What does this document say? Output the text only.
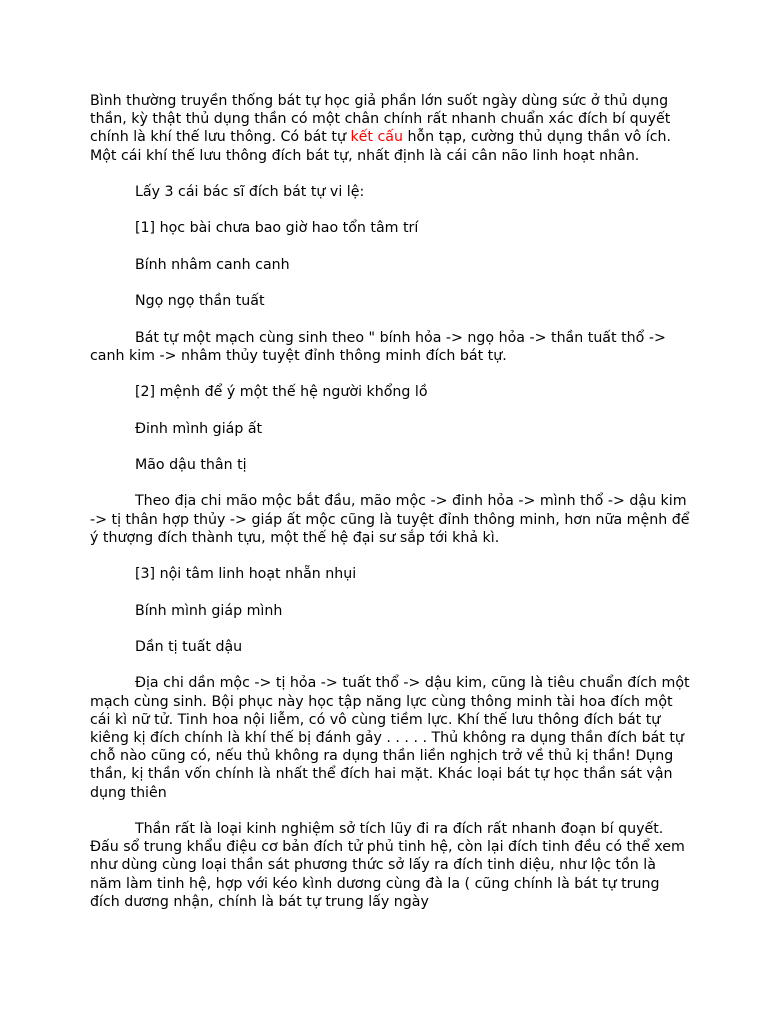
Bình thường truyền thống bát tự học giả phần lớn suốt ngày dùng sức ở thủ dụng thần, kỳ thật thủ dụng thần có một chân chính rất nhanh chuẩn xác đích bí quyết chính là khí thế lưu thông. Có bát tự kết cấu hỗn tạp, cường thủ dụng thần vô ích. Một cái khí thế lưu thông đích bát tự, nhất định là cái cân não linh hoạt nhân.

Lấy 3 cái bác sĩ đích bát tự vi lệ:

[1] học bài chưa bao giờ hao tổn tâm trí

Bính nhâm canh canh

Ngọ ngọ thần tuất

Bát tự một mạch cùng sinh theo " bính hỏa -> ngọ hỏa -> thần tuất thổ -> canh kim -> nhâm thủy tuyệt đỉnh thông minh đích bát tự.

[2] mệnh để ý một thế hệ người khổng lồ

Đinh mình giáp ất

Mão dậu thân tị

Theo địa chi mão mộc bắt đầu, mão mộc -> đinh hỏa -> mình thổ -> dậu kim -> tị thân hợp thủy -> giáp ất mộc cũng là tuyệt đỉnh thông minh, hơn nữa mệnh để ý thượng đích thành tựu, một thế hệ đại sư sắp tới khả kì.

[3] nội tâm linh hoạt nhẵn nhụi

Bính mình giáp mình

Dần tị tuất dậu

Địa chi dần mộc -> tị hỏa -> tuất thổ -> dậu kim, cũng là tiêu chuẩn đích một mạch cùng sinh. Bội phục này học tập năng lực cùng thông minh tài hoa đích một cái kì nữ tử. Tinh hoa nội liễm, có vô cùng tiềm lực. Khí thế lưu thông đích bát tự kiêng kị đích chính là khí thế bị đánh gảy . . . . . Thủ không ra dụng thần đích bát tự chỗ nào cũng có, nếu thủ không ra dụng thần liền nghịch trở về thủ kị thần! Dụng thần, kị thần vốn chính là nhất thể đích hai mặt. Khác loại bát tự học thần sát vận dụng thiên

Thần rất là loại kinh nghiệm sở tích lũy đi ra đích rất nhanh đoạn bí quyết. Đấu sổ trung khẩu điệu cơ bản đích tử phủ tinh hệ, còn lại đích tinh đều có thể xem như dùng cùng loại thần sát phương thức sở lấy ra đích tinh diệu, như lộc tồn là năm làm tinh hệ, hợp với kéo kình dương cùng đà la ( cũng chính là bát tự trung đích dương nhận, chính là bát tự trung lấy ngày
